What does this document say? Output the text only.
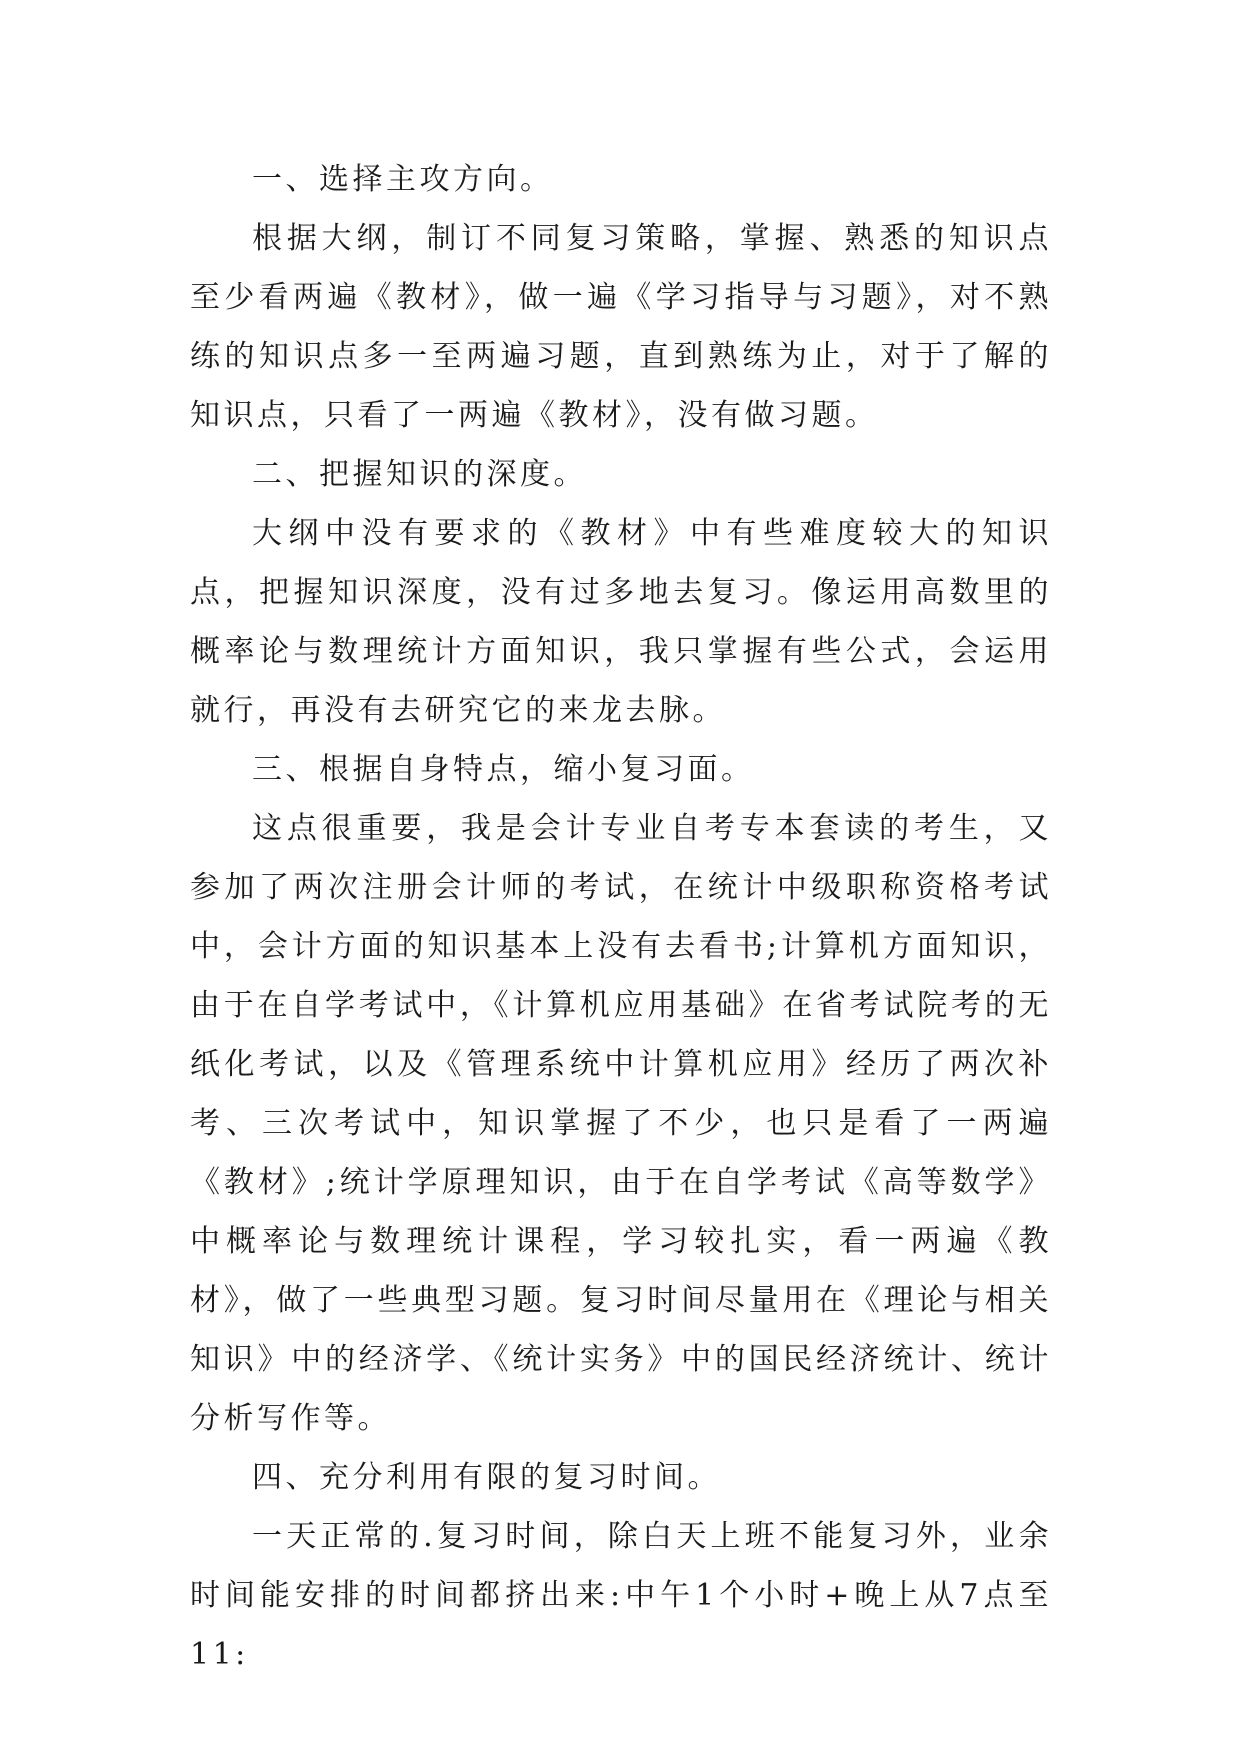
一、选择主攻方向。

根据大纲，制订不同复习策略，掌握、熟悉的知识点至少看两遍《教材》，做一遍《学习指导与习题》，对不熟练的知识点多一至两遍习题，直到熟练为止，对于了解的知识点，只看了一两遍《教材》，没有做习题。

二、把握知识的深度。

大纲中没有要求的《教材》中有些难度较大的知识点，把握知识深度，没有过多地去复习。像运用高数里的概率论与数理统计方面知识，我只掌握有些公式，会运用就行，再没有去研究它的来龙去脉。

三、根据自身特点，缩小复习面。

这点很重要，我是会计专业自考专本套读的考生，又参加了两次注册会计师的考试，在统计中级职称资格考试中，会计方面的知识基本上没有去看书;计算机方面知识，由于在自学考试中，《计算机应用基础》在省考试院考的无纸化考试，以及《管理系统中计算机应用》经历了两次补考、三次考试中，知识掌握了不少，也只是看了一两遍《教材》;统计学原理知识，由于在自学考试《高等数学》中概率论与数理统计课程，学习较扎实，看一两遍《教材》，做了一些典型习题。复习时间尽量用在《理论与相关知识》中的经济学、《统计实务》中的国民经济统计、统计分析写作等。

四、充分利用有限的复习时间。

一天正常的.复习时间，除白天上班不能复习外，业余时间能安排的时间都挤出来:中午1个小时+晚上从7点至11:
